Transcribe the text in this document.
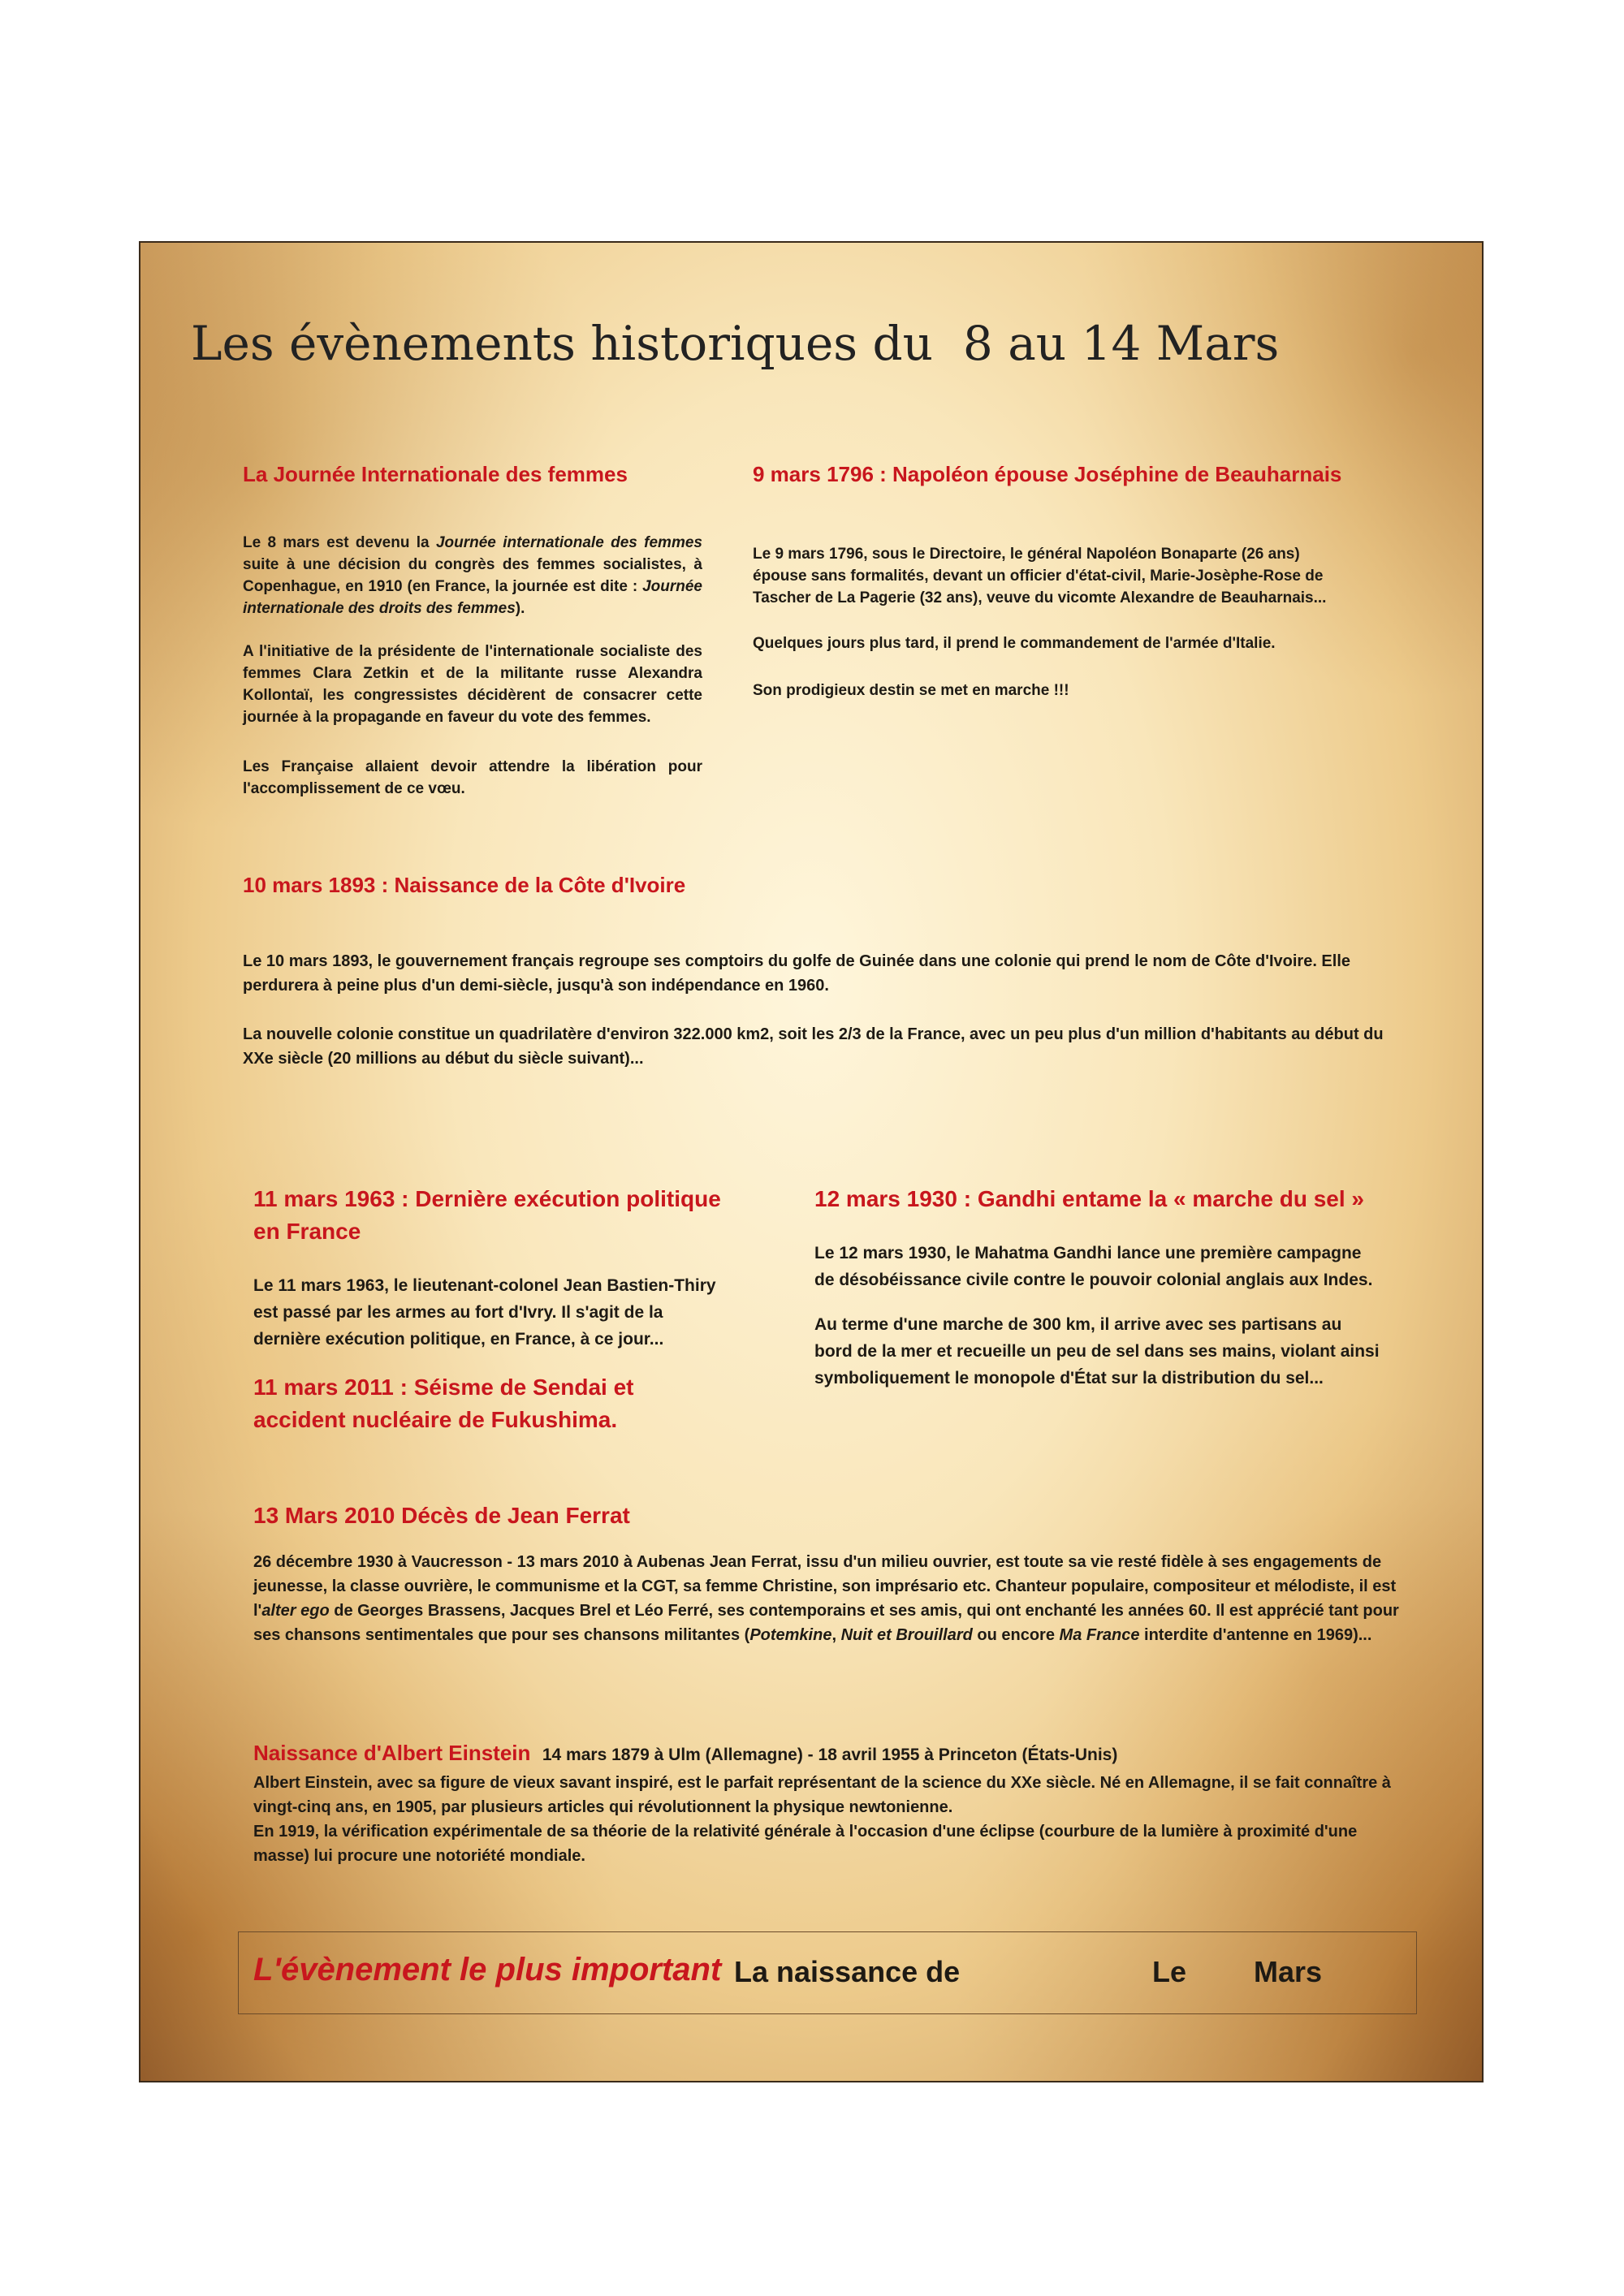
Les évènements historiques du  8 au 14 Mars
La Journée Internationale des femmes

Le 8 mars est devenu la Journée internationale des femmes suite à une décision du congrès des femmes socialistes, à Copenhague, en 1910 (en France, la journée est dite : Journée internationale des droits des femmes).

A l'initiative de la présidente de l'internationale socialiste des femmes Clara Zetkin et de la militante russe Alexandra Kollontaï, les congressistes décidèrent de consacrer cette journée à la propagande en faveur du vote des femmes.

Les Française allaient devoir attendre la libération pour l'accomplissement de ce vœu.

9 mars 1796 : Napoléon épouse Joséphine de Beauharnais

Le 9 mars 1796, sous le Directoire, le général Napoléon Bonaparte (26 ans) épouse sans formalités, devant un officier d'état-civil, Marie-Josèphe-Rose de Tascher de La Pagerie (32 ans), veuve du vicomte Alexandre de Beauharnais...

Quelques jours plus tard, il prend le commandement de l'armée d'Italie.

Son prodigieux destin se met en marche !!!

10 mars 1893 : Naissance de la Côte d'Ivoire

Le 10 mars 1893, le gouvernement français regroupe ses comptoirs du golfe de Guinée dans une colonie qui prend le nom de Côte d'Ivoire. Elle perdurera à peine plus d'un demi-siècle, jusqu'à son indépendance en 1960.

La nouvelle colonie constitue un quadrilatère d'environ 322.000 km2, soit les 2/3 de la France, avec un peu plus d'un million d'habitants au début du XXe siècle (20 millions au début du siècle suivant)...

11 mars 1963 : Dernière exécution politique en France

Le 11 mars 1963, le lieutenant-colonel Jean Bastien-Thiry est passé par les armes au fort d'Ivry. Il s'agit de la dernière exécution politique, en France, à ce jour...

11 mars 2011 : Séisme de Sendai et accident nucléaire de Fukushima.
12 mars 1930 : Gandhi entame la « marche du sel »

Le 12 mars 1930, le Mahatma Gandhi lance une première campagne de désobéissance civile contre le pouvoir colonial anglais aux Indes.

Au terme d'une marche de 300 km, il arrive avec ses partisans au bord de la mer et recueille un peu de sel dans ses mains, violant ainsi symboliquement le monopole d'État sur la distribution du sel...

13 Mars 2010 Décès de Jean Ferrat

26 décembre 1930 à Vaucresson - 13 mars 2010 à Aubenas Jean Ferrat, issu d'un milieu ouvrier, est toute sa vie resté fidèle à ses engagements de jeunesse, la classe ouvrière, le communisme et la CGT, sa femme Christine, son imprésario etc. Chanteur populaire, compositeur et mélodiste, il est l'alter ego de Georges Brassens, Jacques Brel et Léo Ferré, ses contemporains et ses amis, qui ont enchanté les années 60. Il est apprécié tant pour ses chansons sentimentales que pour ses chansons militantes (Potemkine, Nuit et Brouillard ou encore Ma France interdite d'antenne en 1969)...

Naissance d'Albert Einstein 14 mars 1879 à Ulm (Allemagne) - 18 avril 1955 à Princeton (États-Unis)

Albert Einstein, avec sa figure de vieux savant inspiré, est le parfait représentant de la science du XXe siècle. Né en Allemagne, il se fait connaître à vingt-cinq ans, en 1905, par plusieurs articles qui révolutionnent la physique newtonienne.

En 1919, la vérification expérimentale de sa théorie de la relativité générale à l'occasion d'une éclipse (courbure de la lumière à proximité d'une masse) lui procure une notoriété mondiale.

L'évènement le plus important La naissance de	Le Mars
